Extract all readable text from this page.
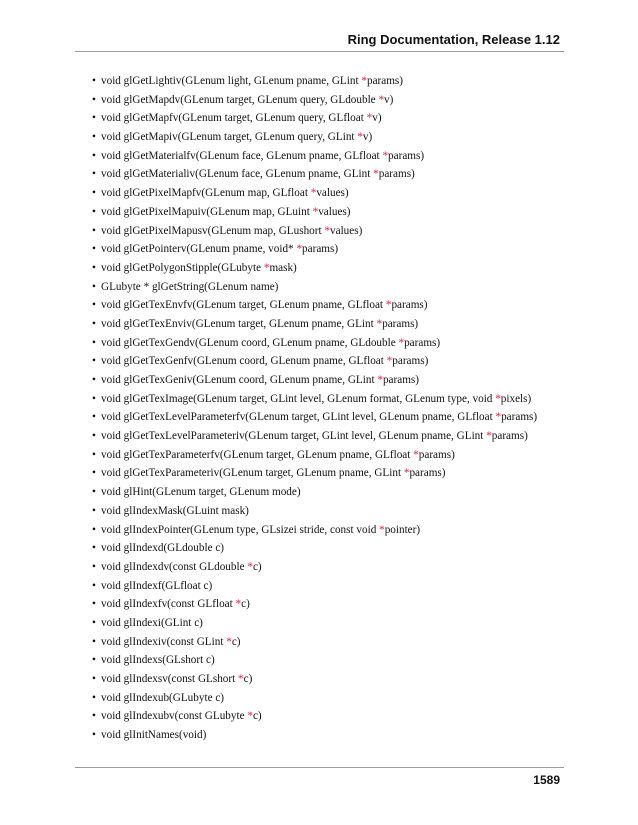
Ring Documentation, Release 1.12
• void glGetLightiv(GLenum light, GLenum pname, GLint *params)
• void glGetMapdv(GLenum target, GLenum query, GLdouble *v)
• void glGetMapfv(GLenum target, GLenum query, GLfloat *v)
• void glGetMapiv(GLenum target, GLenum query, GLint *v)
• void glGetMaterialfv(GLenum face, GLenum pname, GLfloat *params)
• void glGetMaterialiv(GLenum face, GLenum pname, GLint *params)
• void glGetPixelMapfv(GLenum map, GLfloat *values)
• void glGetPixelMapuiv(GLenum map, GLuint *values)
• void glGetPixelMapusv(GLenum map, GLushort *values)
• void glGetPointerv(GLenum pname, void* *params)
• void glGetPolygonStipple(GLubyte *mask)
• GLubyte * glGetString(GLenum name)
• void glGetTexEnvfv(GLenum target, GLenum pname, GLfloat *params)
• void glGetTexEnviv(GLenum target, GLenum pname, GLint *params)
• void glGetTexGendv(GLenum coord, GLenum pname, GLdouble *params)
• void glGetTexGenfv(GLenum coord, GLenum pname, GLfloat *params)
• void glGetTexGeniv(GLenum coord, GLenum pname, GLint *params)
• void glGetTexImage(GLenum target, GLint level, GLenum format, GLenum type, void *pixels)
• void glGetTexLevelParameterfv(GLenum target, GLint level, GLenum pname, GLfloat *params)
• void glGetTexLevelParameteriv(GLenum target, GLint level, GLenum pname, GLint *params)
• void glGetTexParameterfv(GLenum target, GLenum pname, GLfloat *params)
• void glGetTexParameteriv(GLenum target, GLenum pname, GLint *params)
• void glHint(GLenum target, GLenum mode)
• void glIndexMask(GLuint mask)
• void glIndexPointer(GLenum type, GLsizei stride, const void *pointer)
• void glIndexd(GLdouble c)
• void glIndexdv(const GLdouble *c)
• void glIndexf(GLfloat c)
• void glIndexfv(const GLfloat *c)
• void glIndexi(GLint c)
• void glIndexiv(const GLint *c)
• void glIndexs(GLshort c)
• void glIndexsv(const GLshort *c)
• void glIndexub(GLubyte c)
• void glIndexubv(const GLubyte *c)
• void glInitNames(void)
1589
